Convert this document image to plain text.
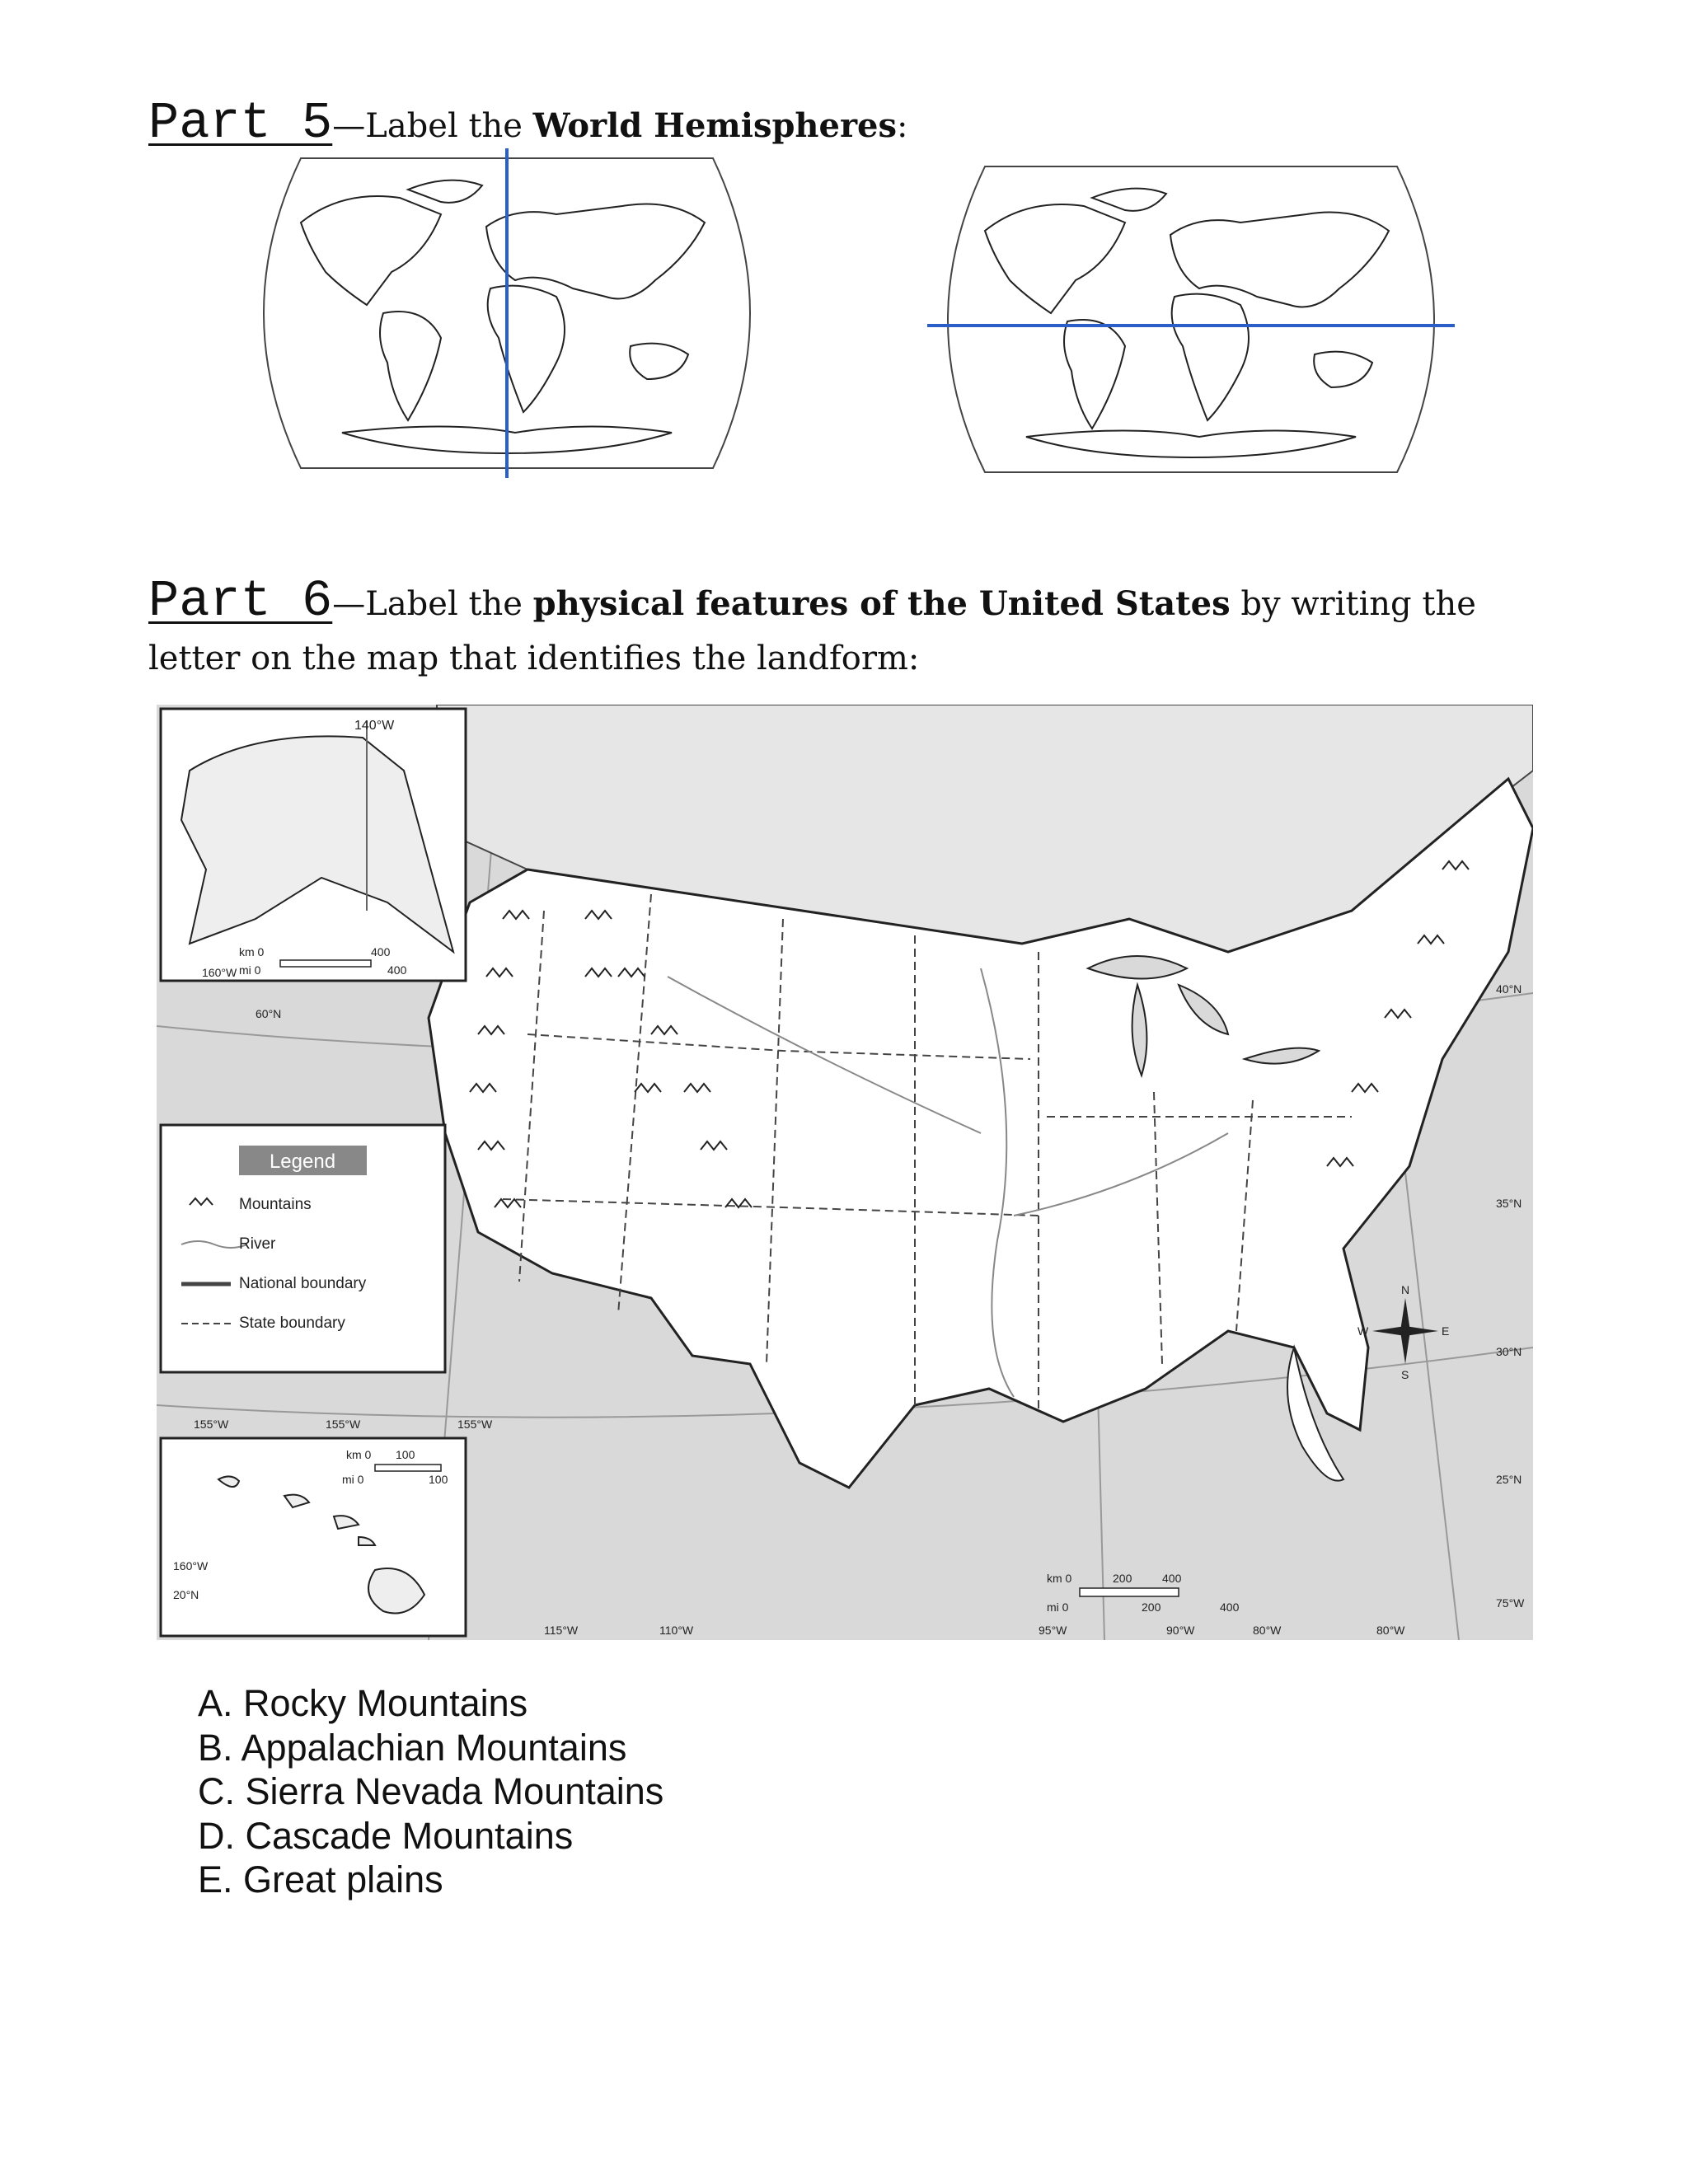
Part 5—Label the World Hemispheres:
Part 6—Label the physical features of the United States by writing the letter on the map that identifies the landform:
140°W
km 0
mi 0
400
400
160°W
60°N
Legend
Mountains
River
National boundary
State boundary
155°W	155°W	155°W
km 0 100
mi 0	100
160°W
20°N
N
S
E
W
km 0	200	400
mi 0	200	400
115°W	110°W	95°W	90°W	80°W	80°W
40°N
35°N
30°N
25°N
75°W
A. Rocky Mountains
B. Appalachian Mountains
C. Sierra Nevada Mountains
D. Cascade Mountains
E. Great plains
